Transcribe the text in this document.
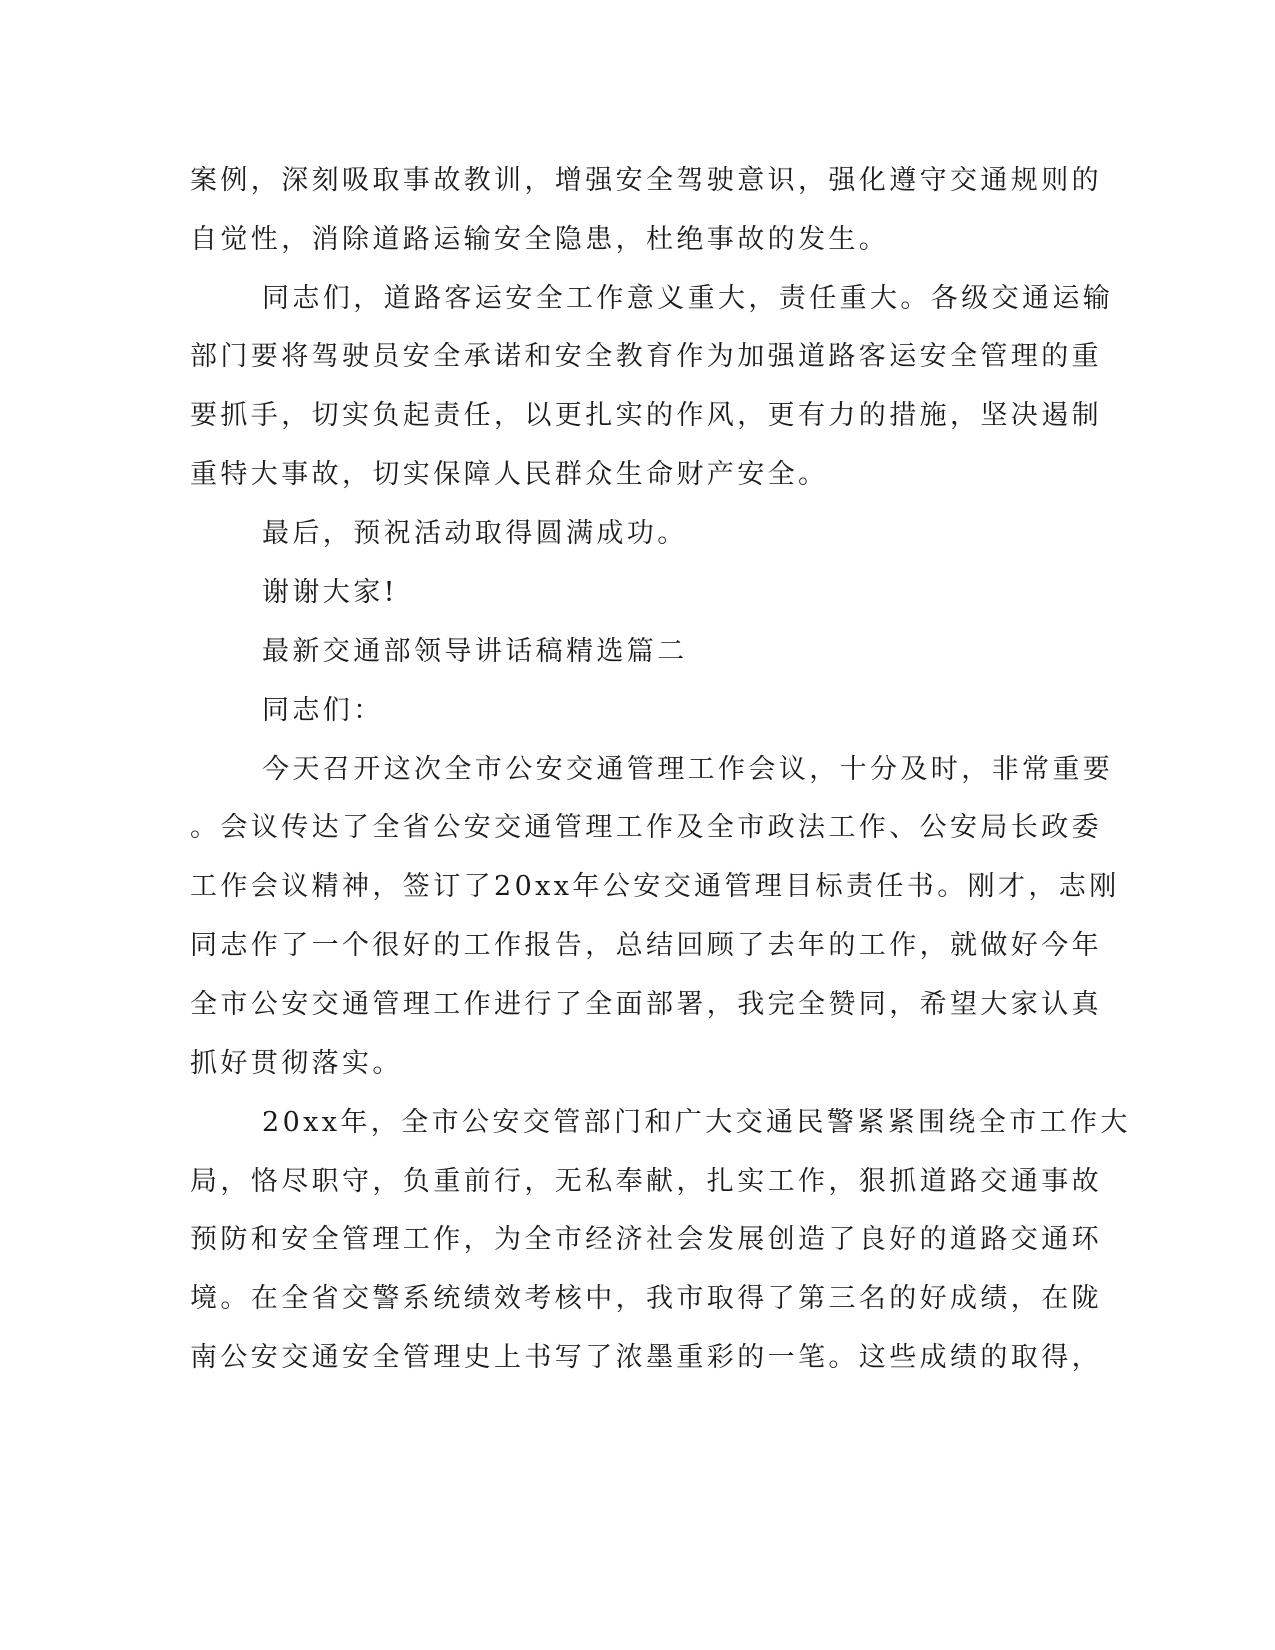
案例，深刻吸取事故教训，增强安全驾驶意识，强化遵守交通规则的
自觉性，消除道路运输安全隐患，杜绝事故的发生。
同志们，道路客运安全工作意义重大，责任重大。各级交通运输
部门要将驾驶员安全承诺和安全教育作为加强道路客运安全管理的重
要抓手，切实负起责任，以更扎实的作风，更有力的措施，坚决遏制
重特大事故，切实保障人民群众生命财产安全。
最后，预祝活动取得圆满成功。
谢谢大家!
最新交通部领导讲话稿精选篇二
同志们：
今天召开这次全市公安交通管理工作会议，十分及时，非常重要
。会议传达了全省公安交通管理工作及全市政法工作、公安局长政委
工作会议精神，签订了20xx年公安交通管理目标责任书。刚才，志刚
同志作了一个很好的工作报告，总结回顾了去年的工作，就做好今年
全市公安交通管理工作进行了全面部署，我完全赞同，希望大家认真
抓好贯彻落实。
20xx年，全市公安交管部门和广大交通民警紧紧围绕全市工作大
局，恪尽职守，负重前行，无私奉献，扎实工作，狠抓道路交通事故
预防和安全管理工作，为全市经济社会发展创造了良好的道路交通环
境。在全省交警系统绩效考核中，我市取得了第三名的好成绩，在陇
南公安交通安全管理史上书写了浓墨重彩的一笔。这些成绩的取得，
